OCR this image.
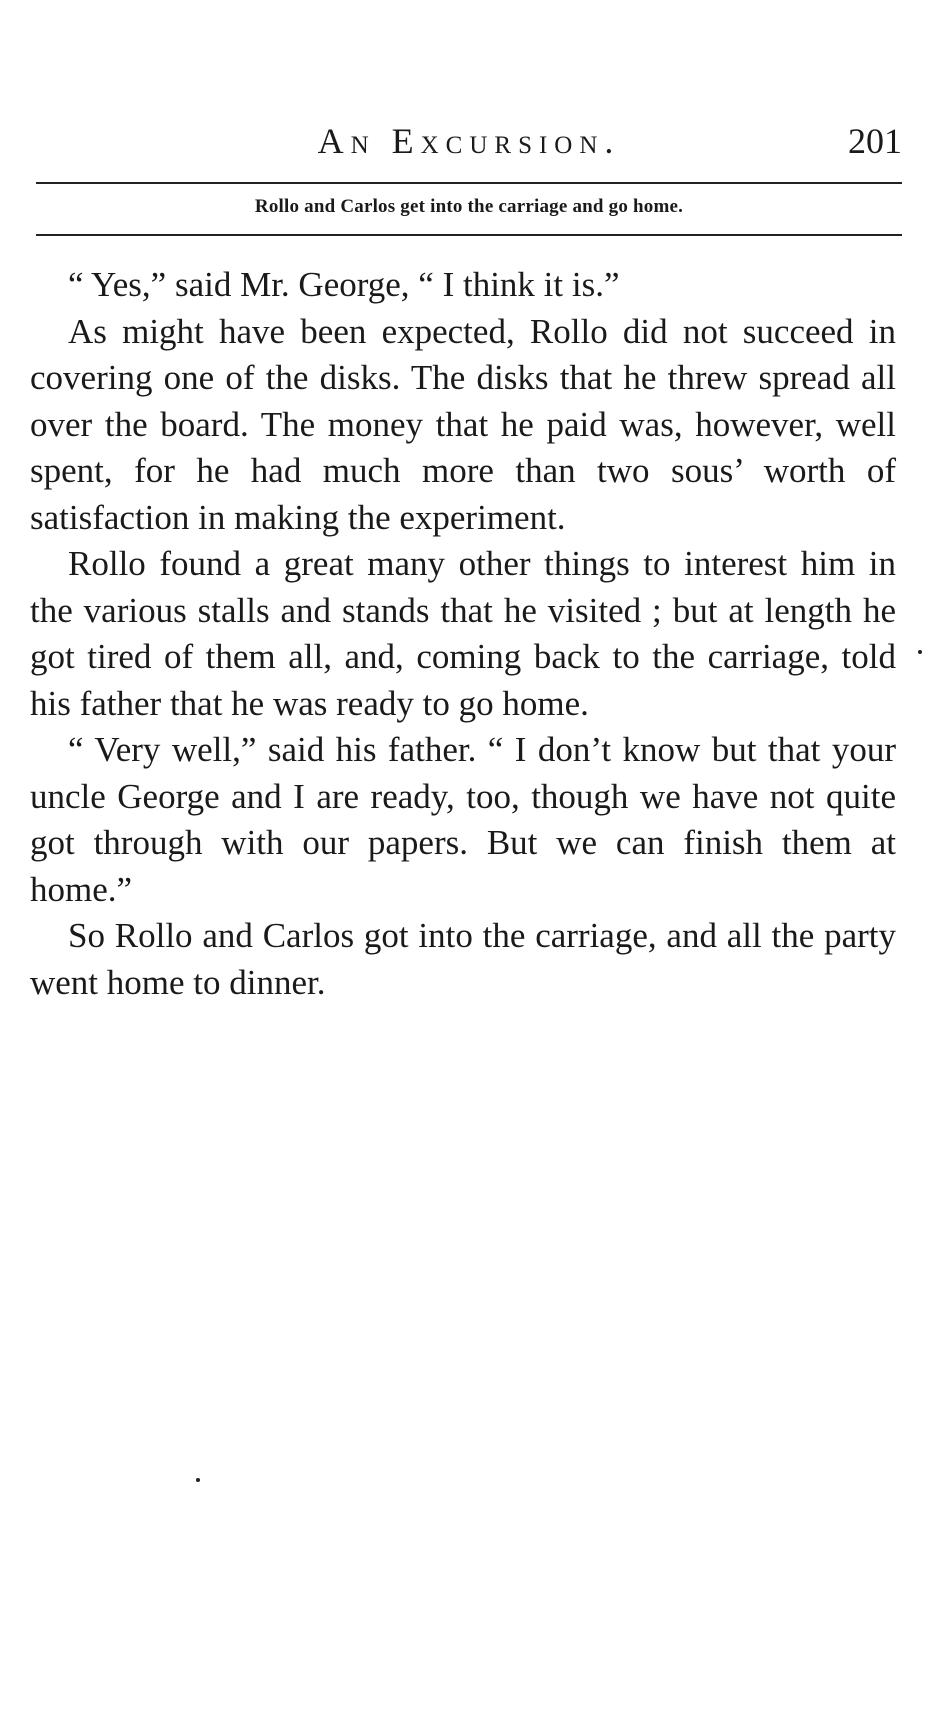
An Excursion.	201
Rollo and Carlos get into the carriage and go home.

“ Yes,” said Mr. George, “ I think it is.”

As might have been expected, Rollo did not succeed in covering one of the disks. The disks that he threw spread all over the board. The money that he paid was, however, well spent, for he had much more than two sous’ worth of satisfaction in making the experiment.

Rollo found a great many other things to interest him in the various stalls and stands that he visited ; but at length he got tired of them all, and, coming back to the carriage, told his father that he was ready to go home.

“ Very well,” said his father. “ I don’t know but that your uncle George and I are ready, too, though we have not quite got through with our papers. But we can finish them at home.”

So Rollo and Carlos got into the carriage, and all the party went home to dinner.
